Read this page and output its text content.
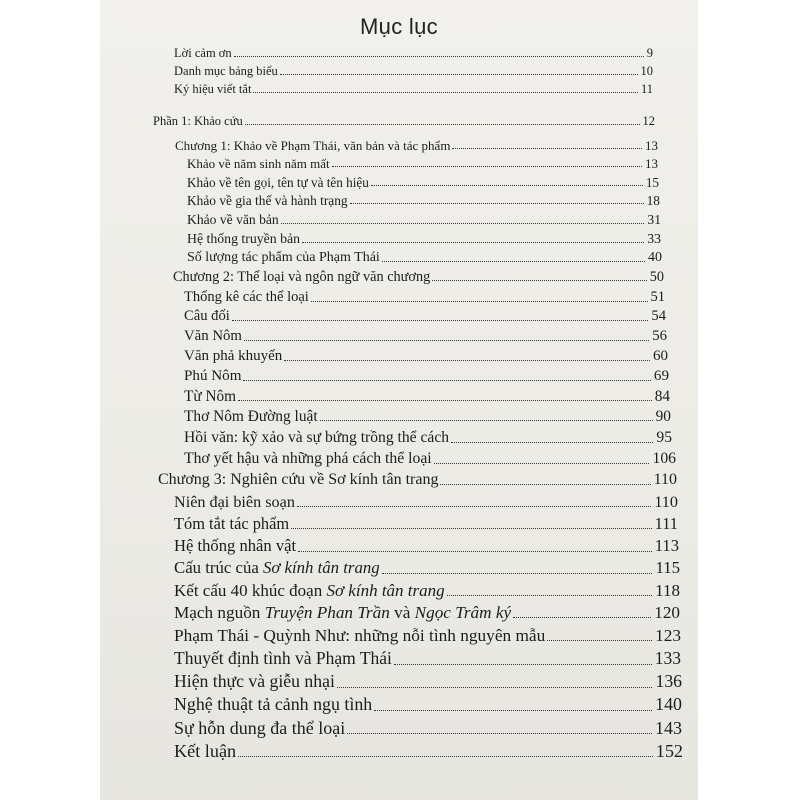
Mục lục
Lời cảm ơn	9
Danh mục bảng biểu	10
Ký hiệu viết tắt	11
Phần 1: Khảo cứu	12
Chương 1: Khảo về Phạm Thái, văn bản và tác phẩm	13
Khảo về năm sinh năm mất	13
Khảo về tên gọi, tên tự và tên hiệu	15
Khảo về gia thế và hành trạng	18
Khảo về văn bản	31
Hệ thống truyền bản	33
Số lượng tác phẩm của Phạm Thái	40
Chương 2: Thể loại và ngôn ngữ văn chương	50
Thống kê các thể loại	51
Câu đối	54
Văn Nôm	56
Văn phả khuyến	60
Phú Nôm	69
Từ Nôm	84
Thơ Nôm Đường luật	90
Hồi văn: kỹ xảo và sự bứng trồng thể cách	95
Thơ yết hậu và những phá cách thể loại	106
Chương 3: Nghiên cứu về Sơ kính tân trang	110
Niên đại biên soạn	110
Tóm tắt tác phẩm	111
Hệ thống nhân vật	113
Cấu trúc của Sơ kính tân trang	115
Kết cấu 40 khúc đoạn Sơ kính tân trang	118
Mạch nguồn Truyện Phan Trần và Ngọc Trâm ký	120
Phạm Thái - Quỳnh Như: những nỗi tình nguyên mẫu	123
Thuyết định tình và Phạm Thái	133
Hiện thực và giễu nhại	136
Nghệ thuật tả cảnh ngụ tình	140
Sự hỗn dung đa thể loại	143
Kết luận	152
